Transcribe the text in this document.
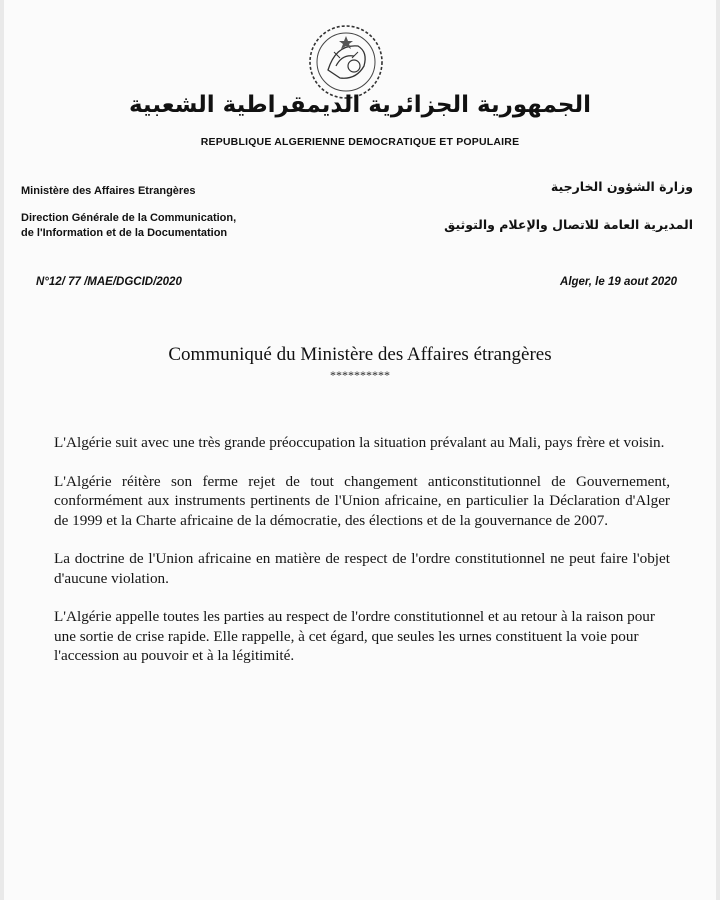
الجمهورية الجزائرية الديمقراطية الشعبية
REPUBLIQUE ALGERIENNE DEMOCRATIQUE ET POPULAIRE
Ministère des Affaires Etrangères
Direction Générale de la Communication,
de l'Information et de la Documentation
وزارة الشؤون الخارجية
المديرية العامة للاتصال والإعلام والتوثيق
N°12/ 77 /MAE/DGCID/2020	Alger, le 19 aout 2020
Communiqué du Ministère des Affaires étrangères
**********

L'Algérie suit avec une très grande préoccupation la situation prévalant au Mali, pays frère et voisin.

L'Algérie réitère son ferme rejet de tout changement anticonstitutionnel de Gouvernement, conformément aux instruments pertinents de l'Union africaine, en particulier la Déclaration d'Alger de 1999 et la Charte africaine de la démocratie, des élections et de la gouvernance de 2007.

La doctrine de l'Union africaine en matière de respect de l'ordre constitutionnel ne peut faire l'objet d'aucune violation.

L'Algérie appelle toutes les parties au respect de l'ordre constitutionnel et au retour à la raison pour une sortie de crise rapide. Elle rappelle, à cet égard, que seules les urnes constituent la voie pour l'accession au pouvoir et à la légitimité.
